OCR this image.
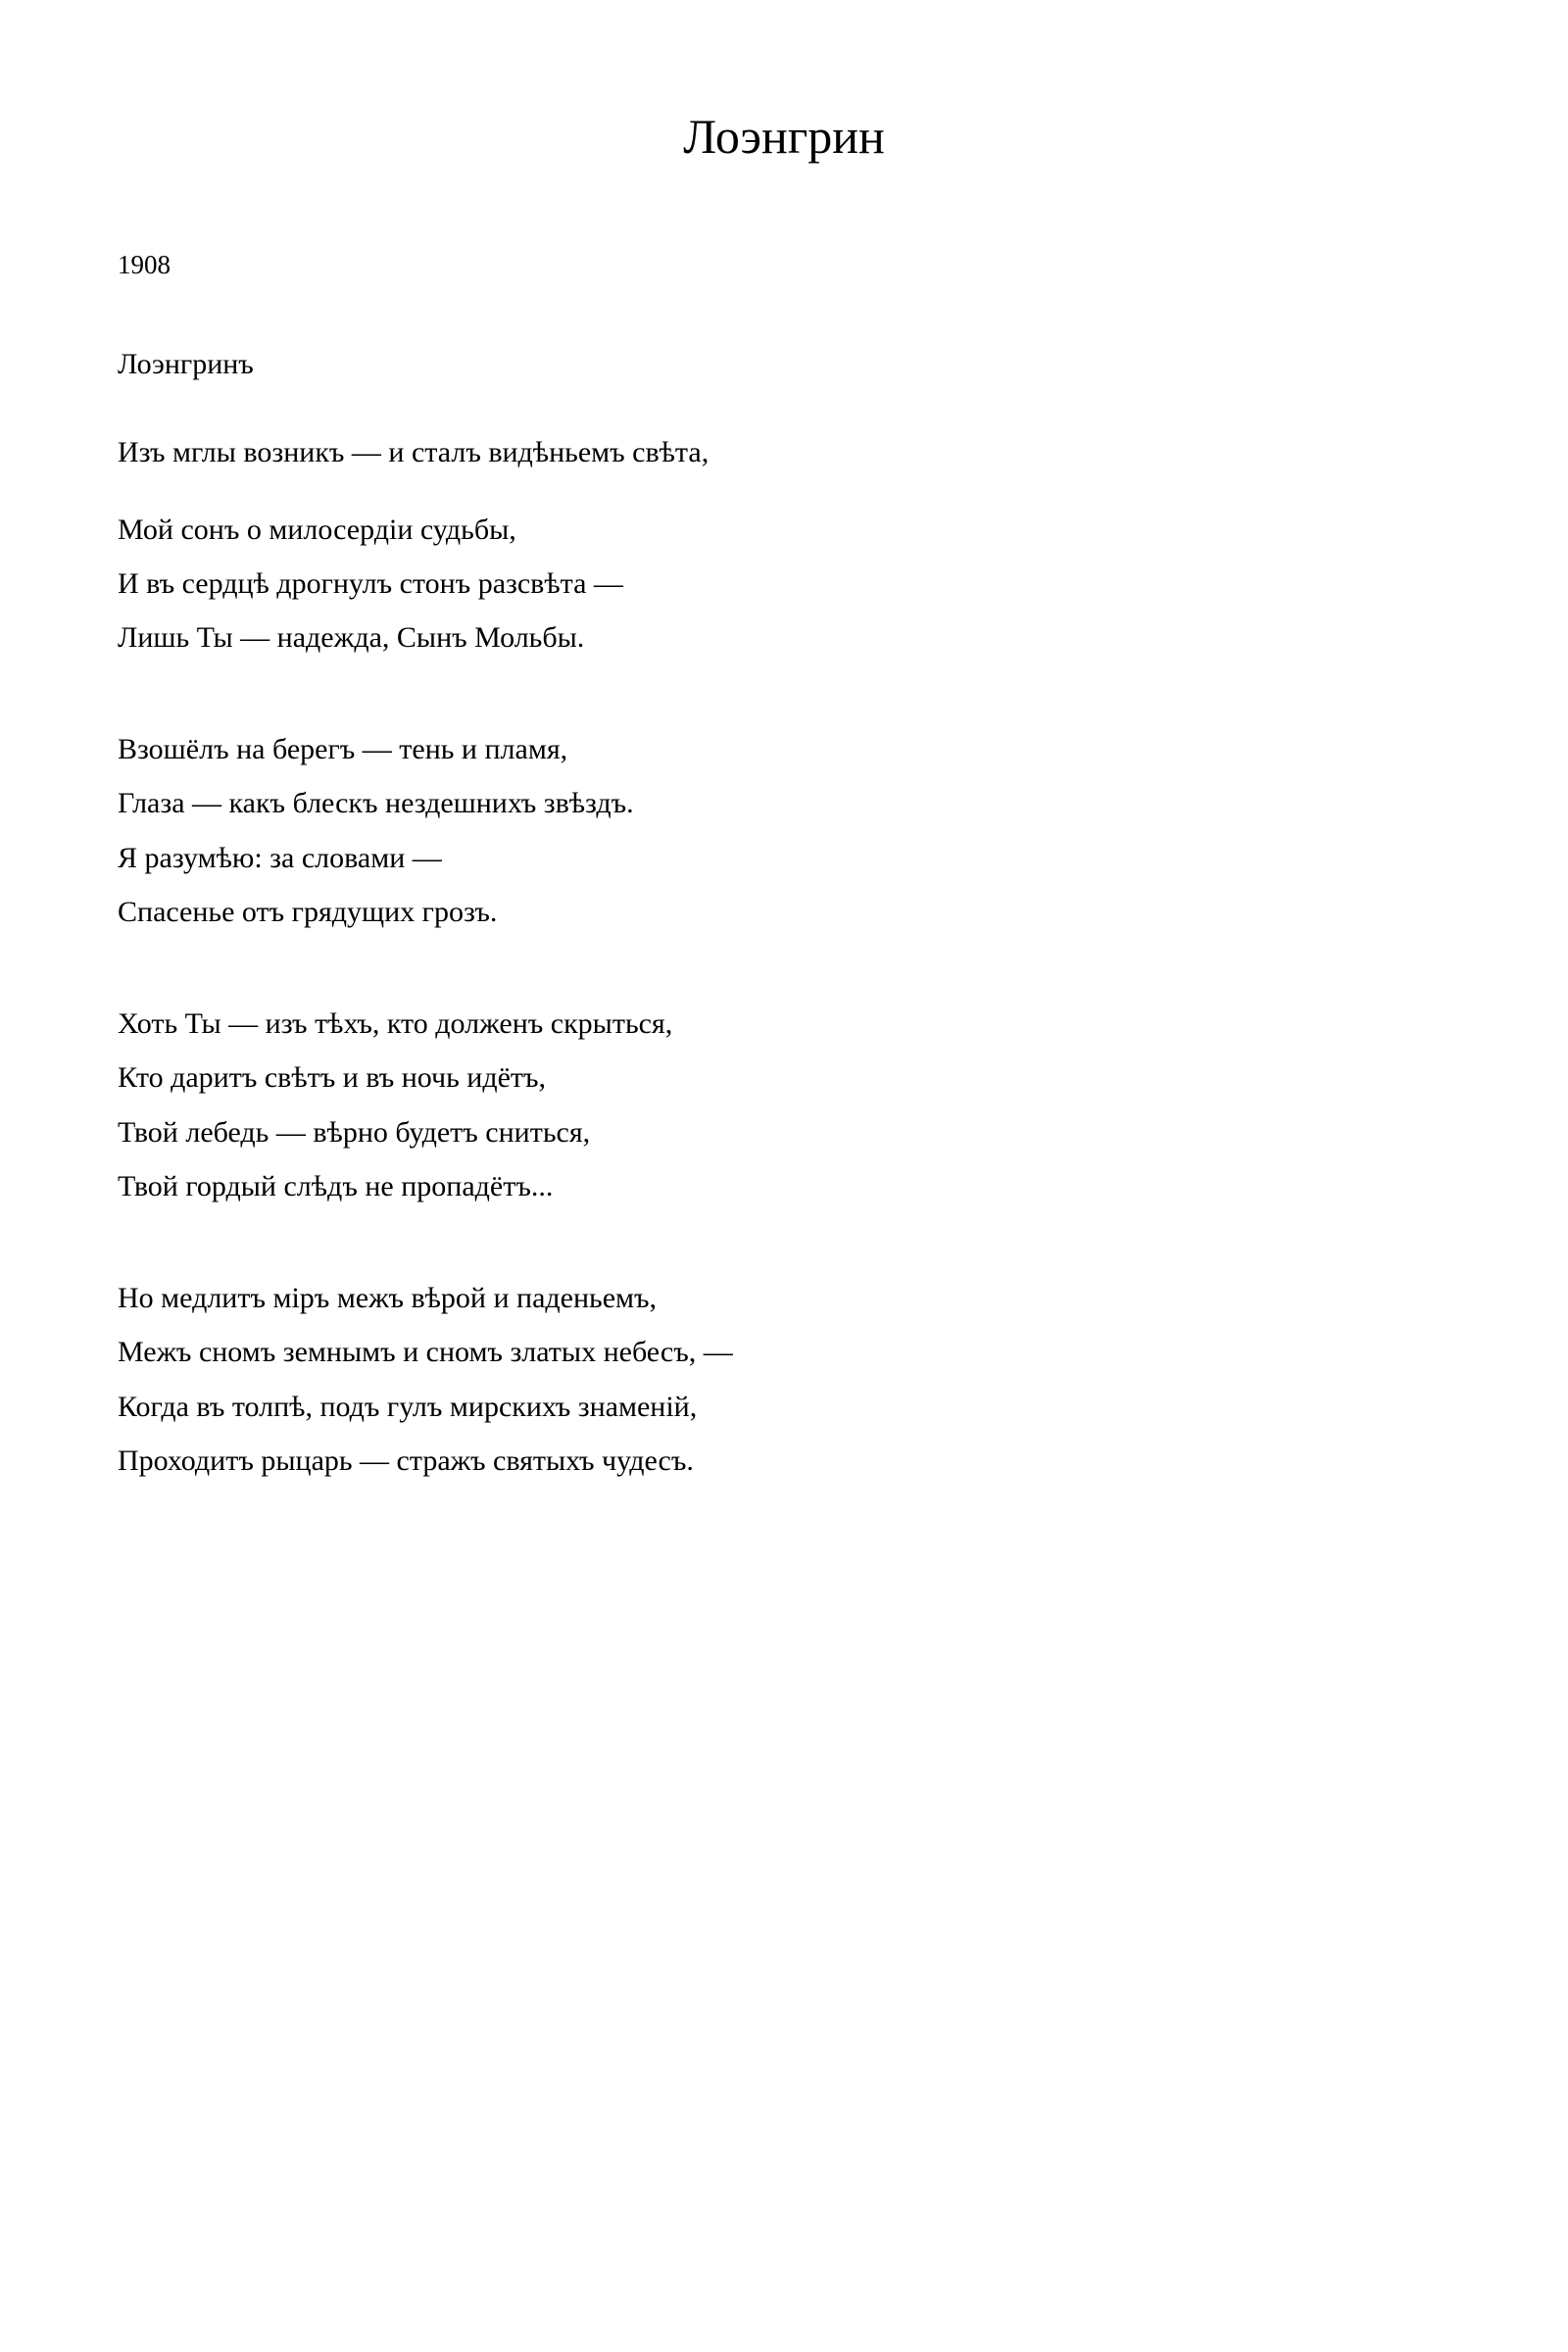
Лоэнгрин

1908

Лоэнгринъ

Изъ мглы возникъ — и сталъ видѣньемъ свѣта,

Мой сонъ о милосердіи судьбы,

И въ сердцѣ дрогнулъ стонъ разсвѣта —

Лишь Ты — надежда, Сынъ Мольбы.

Взошёлъ на берегъ — тень и пламя,

Глаза — какъ блескъ нездешнихъ звѣздъ.

Я разумѣю: за словами —

Спасенье отъ грядущих грозъ.

Хоть Ты — изъ тѣхъ, кто долженъ скрыться,

Кто даритъ свѣтъ и въ ночь идётъ,

Твой лебедь — вѣрно будетъ сниться,

Твой гордый слѣдъ не пропадётъ...

Но медлитъ міръ межъ вѣрой и паденьемъ,

Межъ сномъ земнымъ и сномъ златых небесъ, —

Когда въ толпѣ, подъ гулъ мирскихъ знаменій,

Проходитъ рыцарь — стражъ святыхъ чудесъ.
